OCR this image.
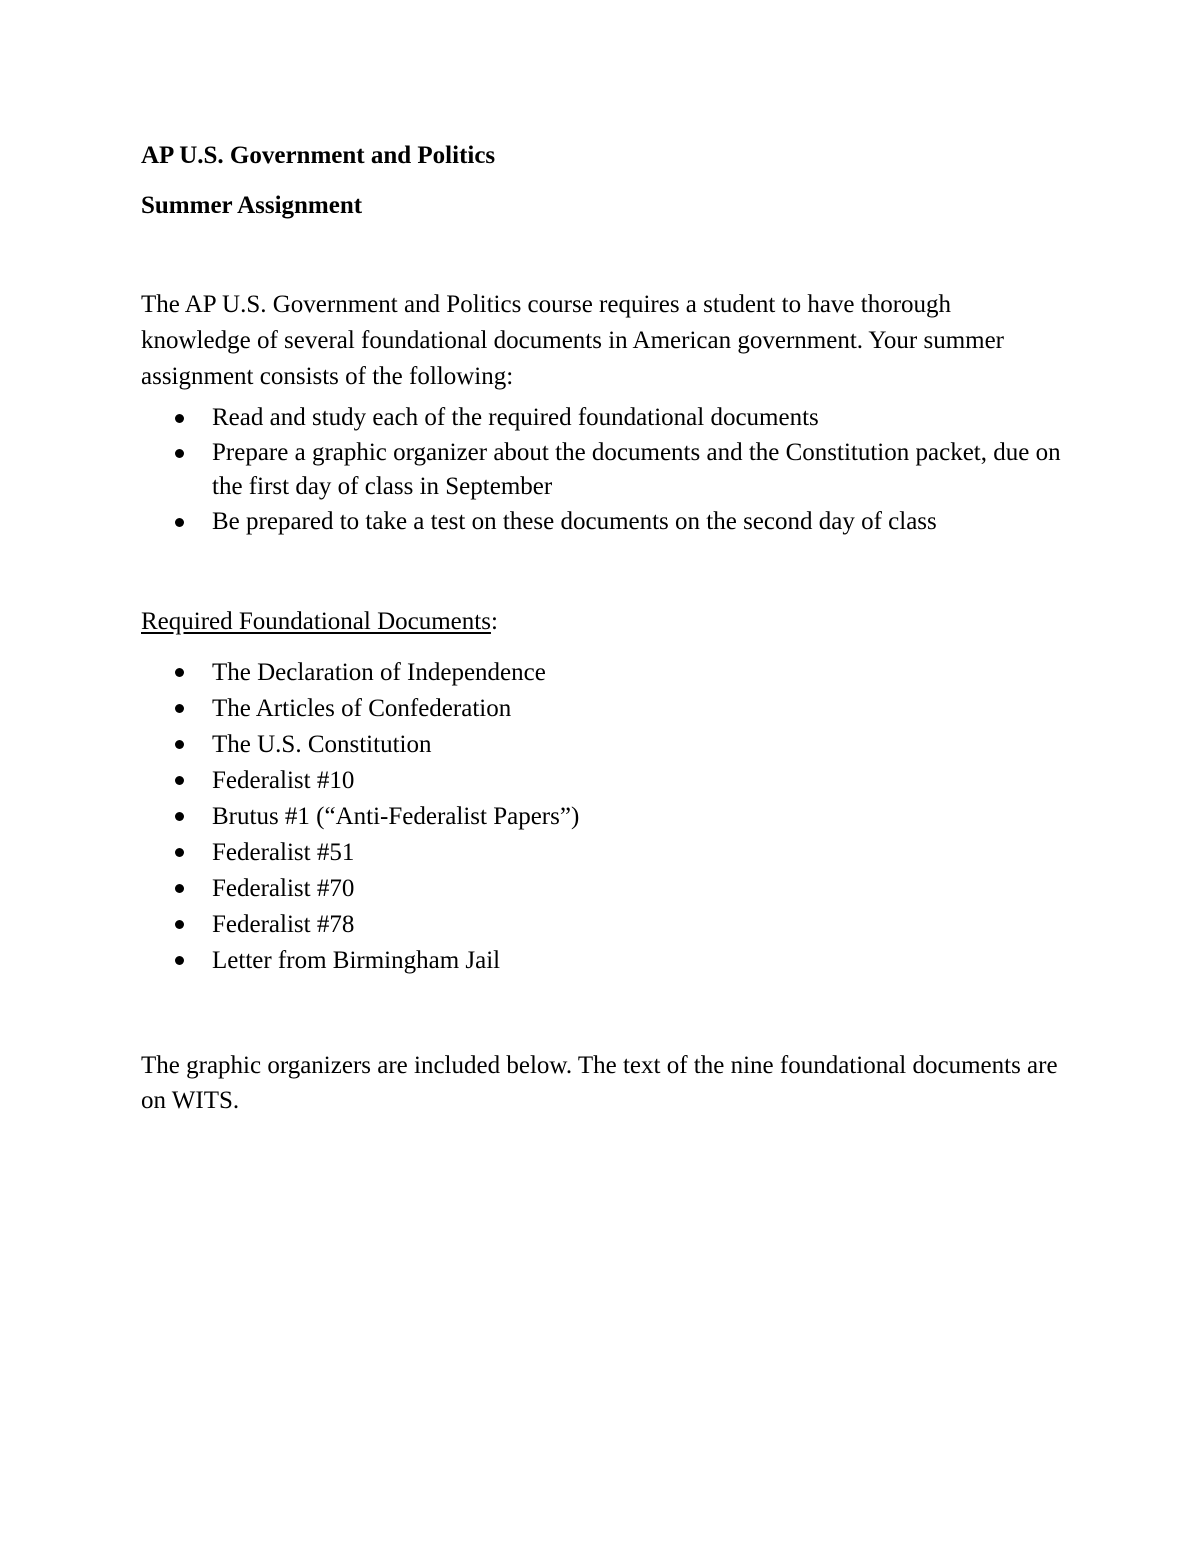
AP U.S. Government and Politics

Summer Assignment

The AP U.S. Government and Politics course requires a student to have thorough knowledge of several foundational documents in American government. Your summer assignment consists of the following:

Read and study each of the required foundational documents
Prepare a graphic organizer about the documents and the Constitution packet, due on the first day of class in September
Be prepared to take a test on these documents on the second day of class

Required Foundational Documents:

The Declaration of Independence
The Articles of Confederation
The U.S. Constitution
Federalist #10
Brutus #1 (“Anti-Federalist Papers”)
Federalist #51
Federalist #70
Federalist #78
Letter from Birmingham Jail

The graphic organizers are included below. The text of the nine foundational documents are on WITS.
